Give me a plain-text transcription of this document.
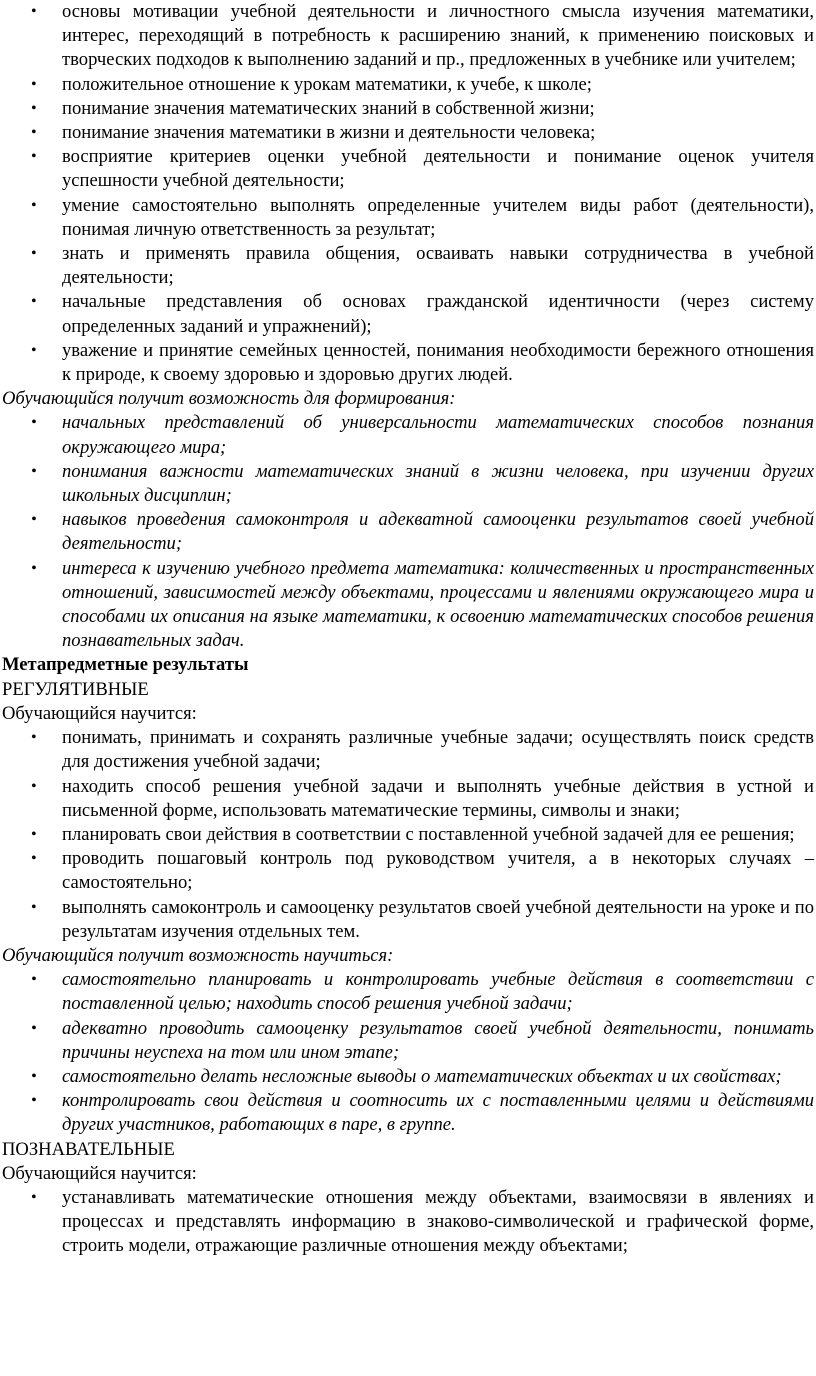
• основы мотивации учебной деятельности и личностного смысла изучения математики, интерес, переходящий в потребность к расширению знаний, к применению поисковых и творческих подходов к выполнению заданий и пр., предложенных в учебнике или учителем;
• положительное отношение к урокам математики, к учебе, к школе;
• понимание значения математических знаний в собственной жизни;
• понимание значения математики в жизни и деятельности человека;
• восприятие критериев оценки учебной деятельности и понимание оценок учителя успешности учебной деятельности;
• умение самостоятельно выполнять определенные учителем виды работ (деятельности), понимая личную ответственность за результат;
• знать и применять правила общения, осваивать навыки сотрудничества в учебной деятельности;
• начальные представления об основах гражданской идентичности (через систему определенных заданий и упражнений);
• уважение и принятие семейных ценностей, понимания необходимости бережного отношения к природе, к своему здоровью и здоровью других людей.

Обучающийся получит возможность для формирования:

• начальных представлений об универсальности математических способов познания окружающего мира;
• понимания важности математических знаний в жизни человека, при изучении других школьных дисциплин;
• навыков проведения самоконтроля и адекватной самооценки результатов своей учебной деятельности;
• интереса к изучению учебного предмета математика: количественных и пространственных отношений, зависимостей между объектами, процессами и явлениями окружающего мира и способами их описания на языке математики, к освоению математических способов решения познавательных задач.

Метапредметные результаты

РЕГУЛЯТИВНЫЕ

Обучающийся научится:

• понимать, принимать и сохранять различные учебные задачи; осуществлять поиск средств для достижения учебной задачи;
• находить способ решения учебной задачи и выполнять учебные действия в устной и письменной форме, использовать математические термины, символы и знаки;
• планировать свои действия в соответствии с поставленной учебной задачей для ее решения;
• проводить пошаговый контроль под руководством учителя, а в некоторых случаях – самостоятельно;
• выполнять самоконтроль и самооценку результатов своей учебной деятельности на уроке и по результатам изучения отдельных тем.

Обучающийся получит возможность научиться:

• самостоятельно планировать и контролировать учебные действия в соответствии с поставленной целью; находить способ решения учебной задачи;
• адекватно проводить самооценку результатов своей учебной деятельности, понимать причины неуспеха на том или ином этапе;
• самостоятельно делать несложные выводы о математических объектах и их свойствах;
• контролировать свои действия и соотносить их с поставленными целями и действиями других участников, работающих в паре, в группе.

ПОЗНАВАТЕЛЬНЫЕ

Обучающийся научится:

• устанавливать математические отношения между объектами, взаимосвязи в явлениях и процессах и представлять информацию в знаково-символической и графической форме, строить модели, отражающие различные отношения между объектами;
